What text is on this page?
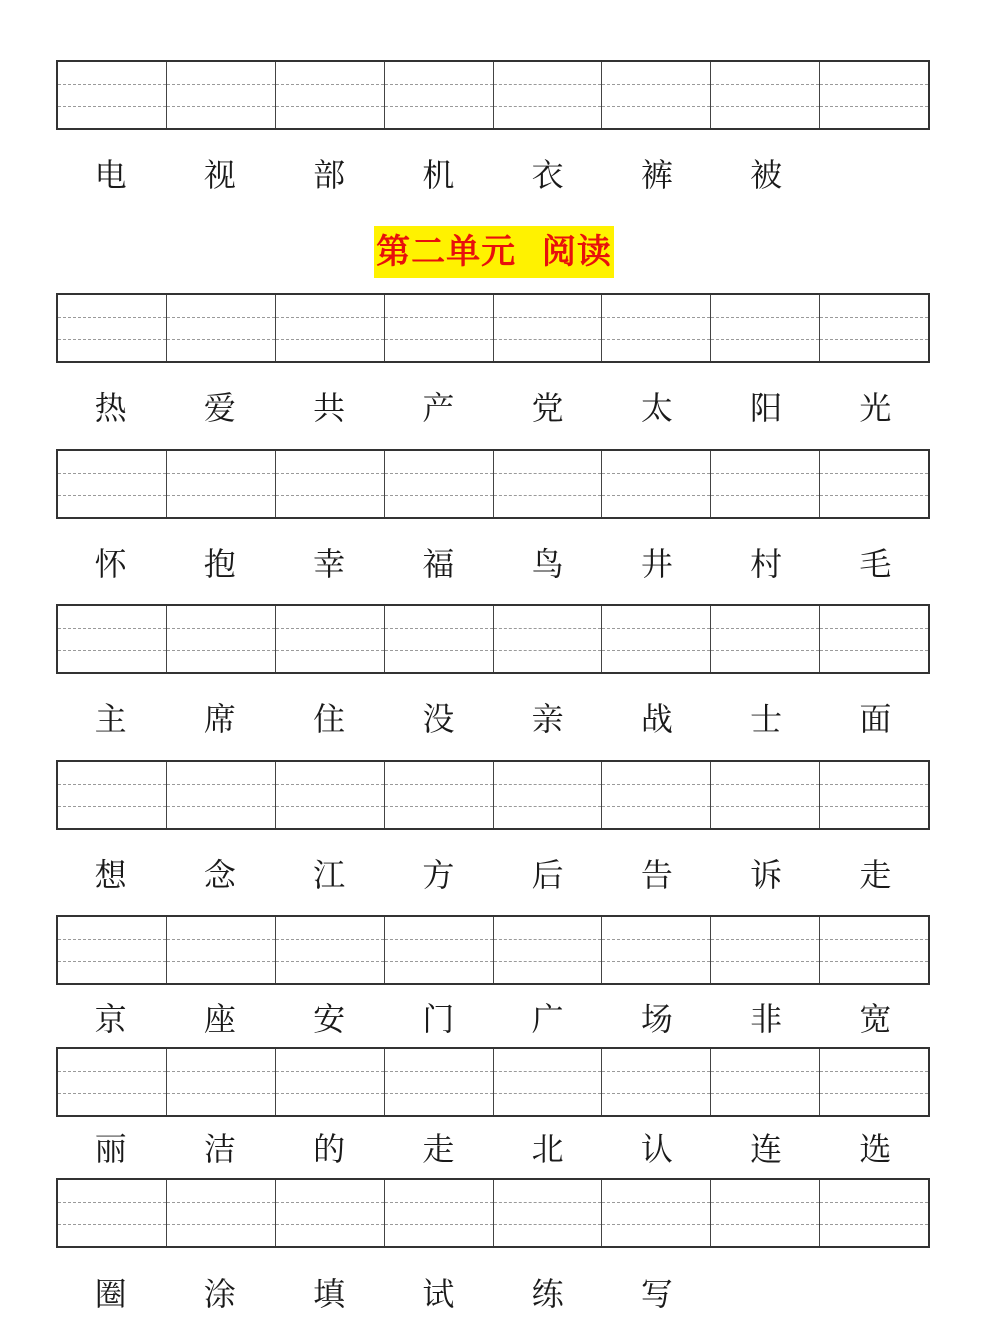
第二单元  阅读
电	视	部	机	衣	裤	被
热	爱	共	产	党	太	阳	光
怀	抱	幸	福	鸟	井	村	毛
主	席	住	没	亲	战	士	面
想	念	江	方	后	告	诉	走
京	座	安	门	广	场	非	宽
丽	洁	的	走	北	认	连	选
圈	涂	填	试	练	写
